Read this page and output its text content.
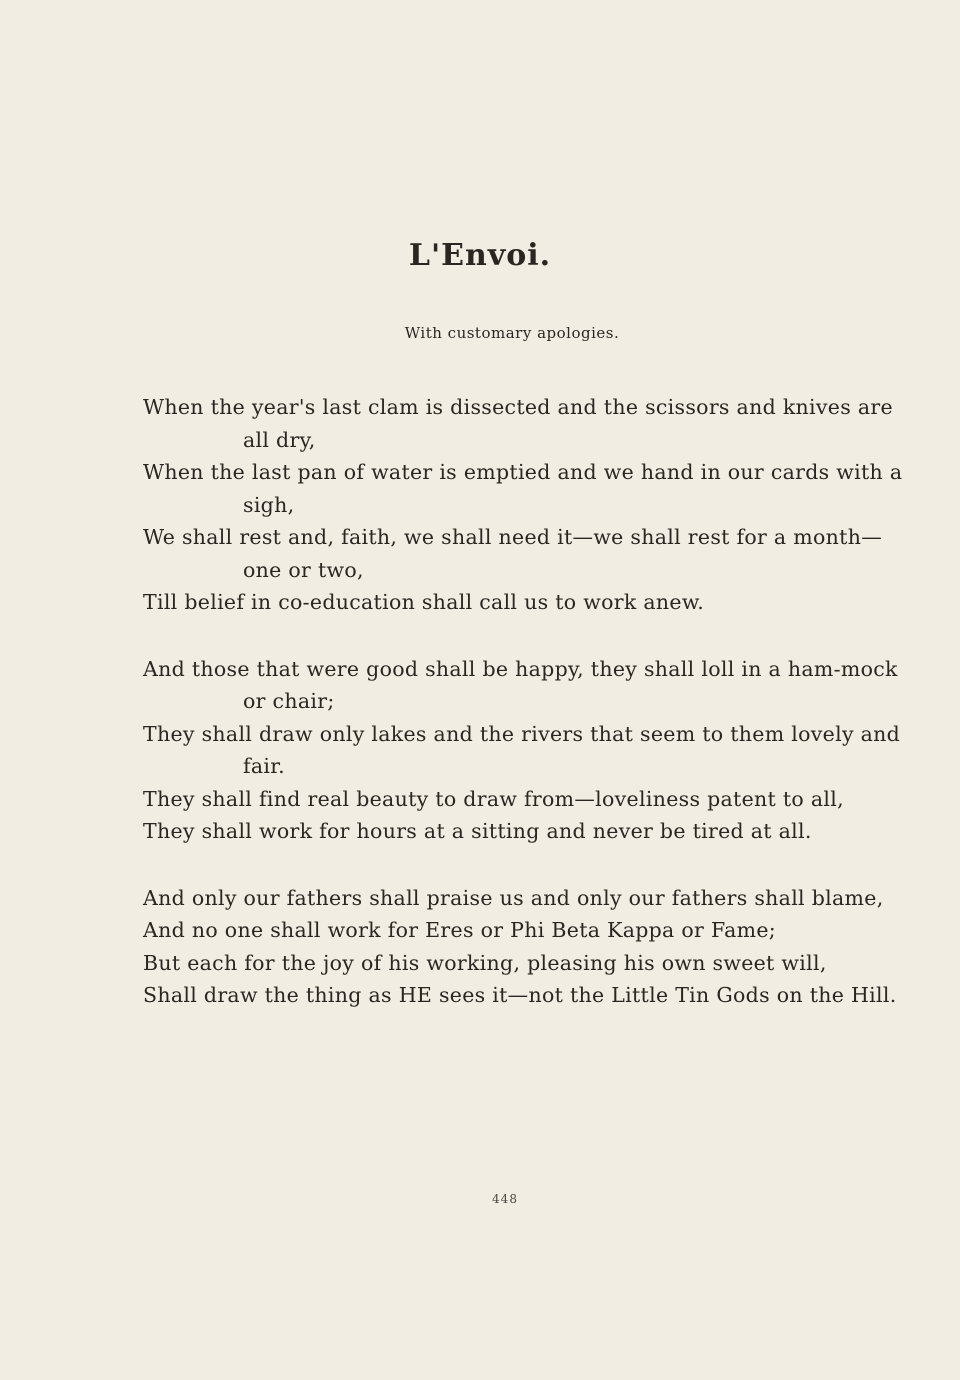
L'Envoi.

With customary apologies.

When the year's last clam is dissected and the scissors and knives are all dry,
When the last pan of water is emptied and we hand in our cards with a sigh,
We shall rest and, faith, we shall need it—we shall rest for a month—one or two,
Till belief in co-education shall call us to work anew.
And those that were good shall be happy, they shall loll in a ham-mock or chair;
They shall draw only lakes and the rivers that seem to them lovely and fair.
They shall find real beauty to draw from—loveliness patent to all,
They shall work for hours at a sitting and never be tired at all.
And only our fathers shall praise us and only our fathers shall blame,
And no one shall work for Eres or Phi Beta Kappa or Fame;
But each for the joy of his working, pleasing his own sweet will,
Shall draw the thing as HE sees it—not the Little Tin Gods on the Hill.

448
